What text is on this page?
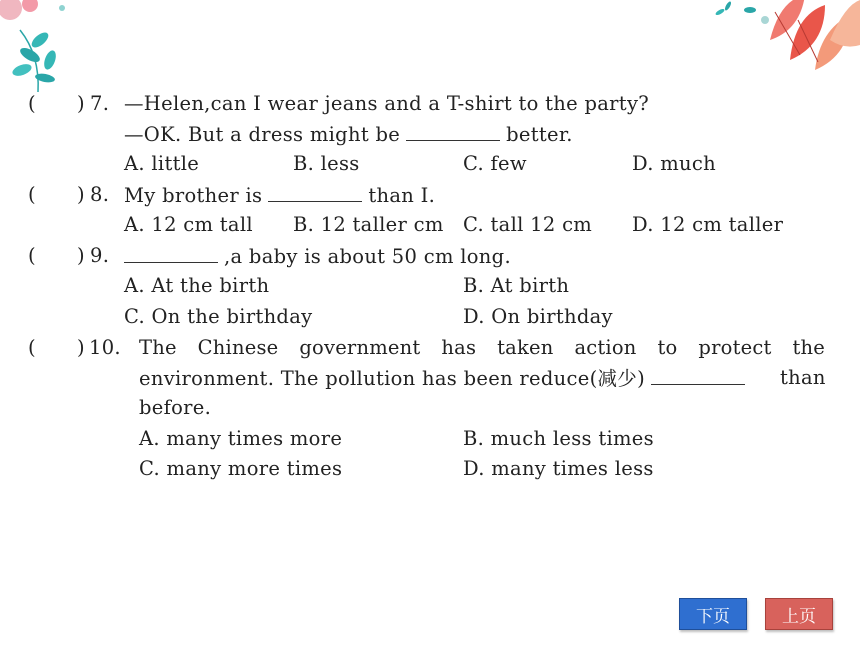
( ) 7. —Helen,can I wear jeans and a T-shirt to the party?
—OK. But a dress might be	better.
A. little	B. less	C. few	D. much
( ) 8. My brother is	than I.
A. 12 cm tall B. 12 taller cm C. tall 12 cm D. 12 cm taller
( ) 9.	,a baby is about 50 cm long.
A. At the birth	B. At birth
C. On the birthday	D. On birthday
( ) 10. The Chinese government has taken action to protect the
environment. The pollution has been reduce(减少)	than
before.
A. many times more	B. much less times
C. many more times	D. many times less
下页	上页
